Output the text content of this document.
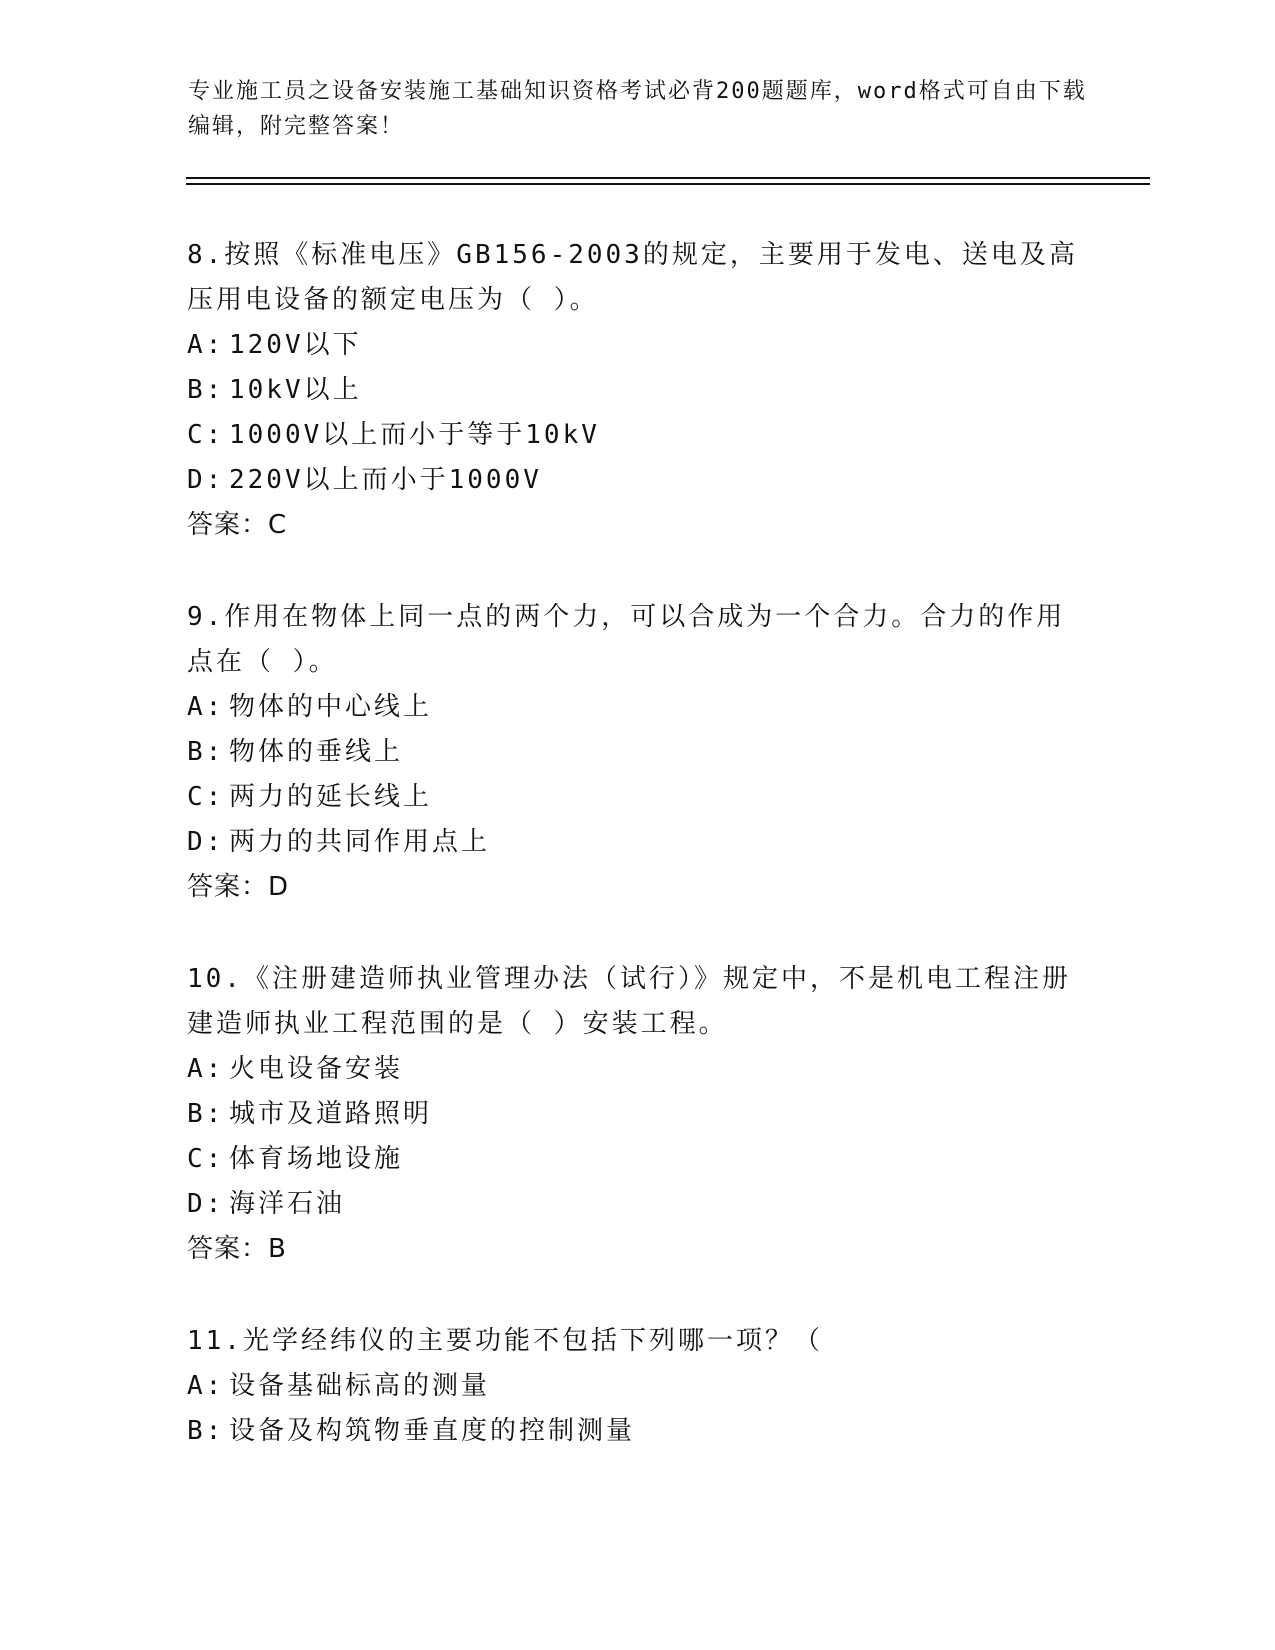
专业施工员之设备安装施工基础知识资格考试必背200题题库，word格式可自由下载编辑，附完整答案！

8.按照《标准电压》GB156-2003的规定，主要用于发电、送电及高压用电设备的额定电压为（ ）。

A: 120V以下
B: 10kV以上
C: 1000V以上而小于等于10kV
D: 220V以上而小于1000V
答案：C

9.作用在物体上同一点的两个力，可以合成为一个合力。合力的作用点在（ ）。

A: 物体的中心线上
B: 物体的垂线上
C: 两力的延长线上
D: 两力的共同作用点上
答案：D

10.《注册建造师执业管理办法（试行）》规定中，不是机电工程注册建造师执业工程范围的是（ ）安装工程。

A: 火电设备安装
B: 城市及道路照明
C: 体育场地设施
D: 海洋石油
答案：B

11.光学经纬仪的主要功能不包括下列哪一项？（

A: 设备基础标高的测量
B: 设备及构筑物垂直度的控制测量
